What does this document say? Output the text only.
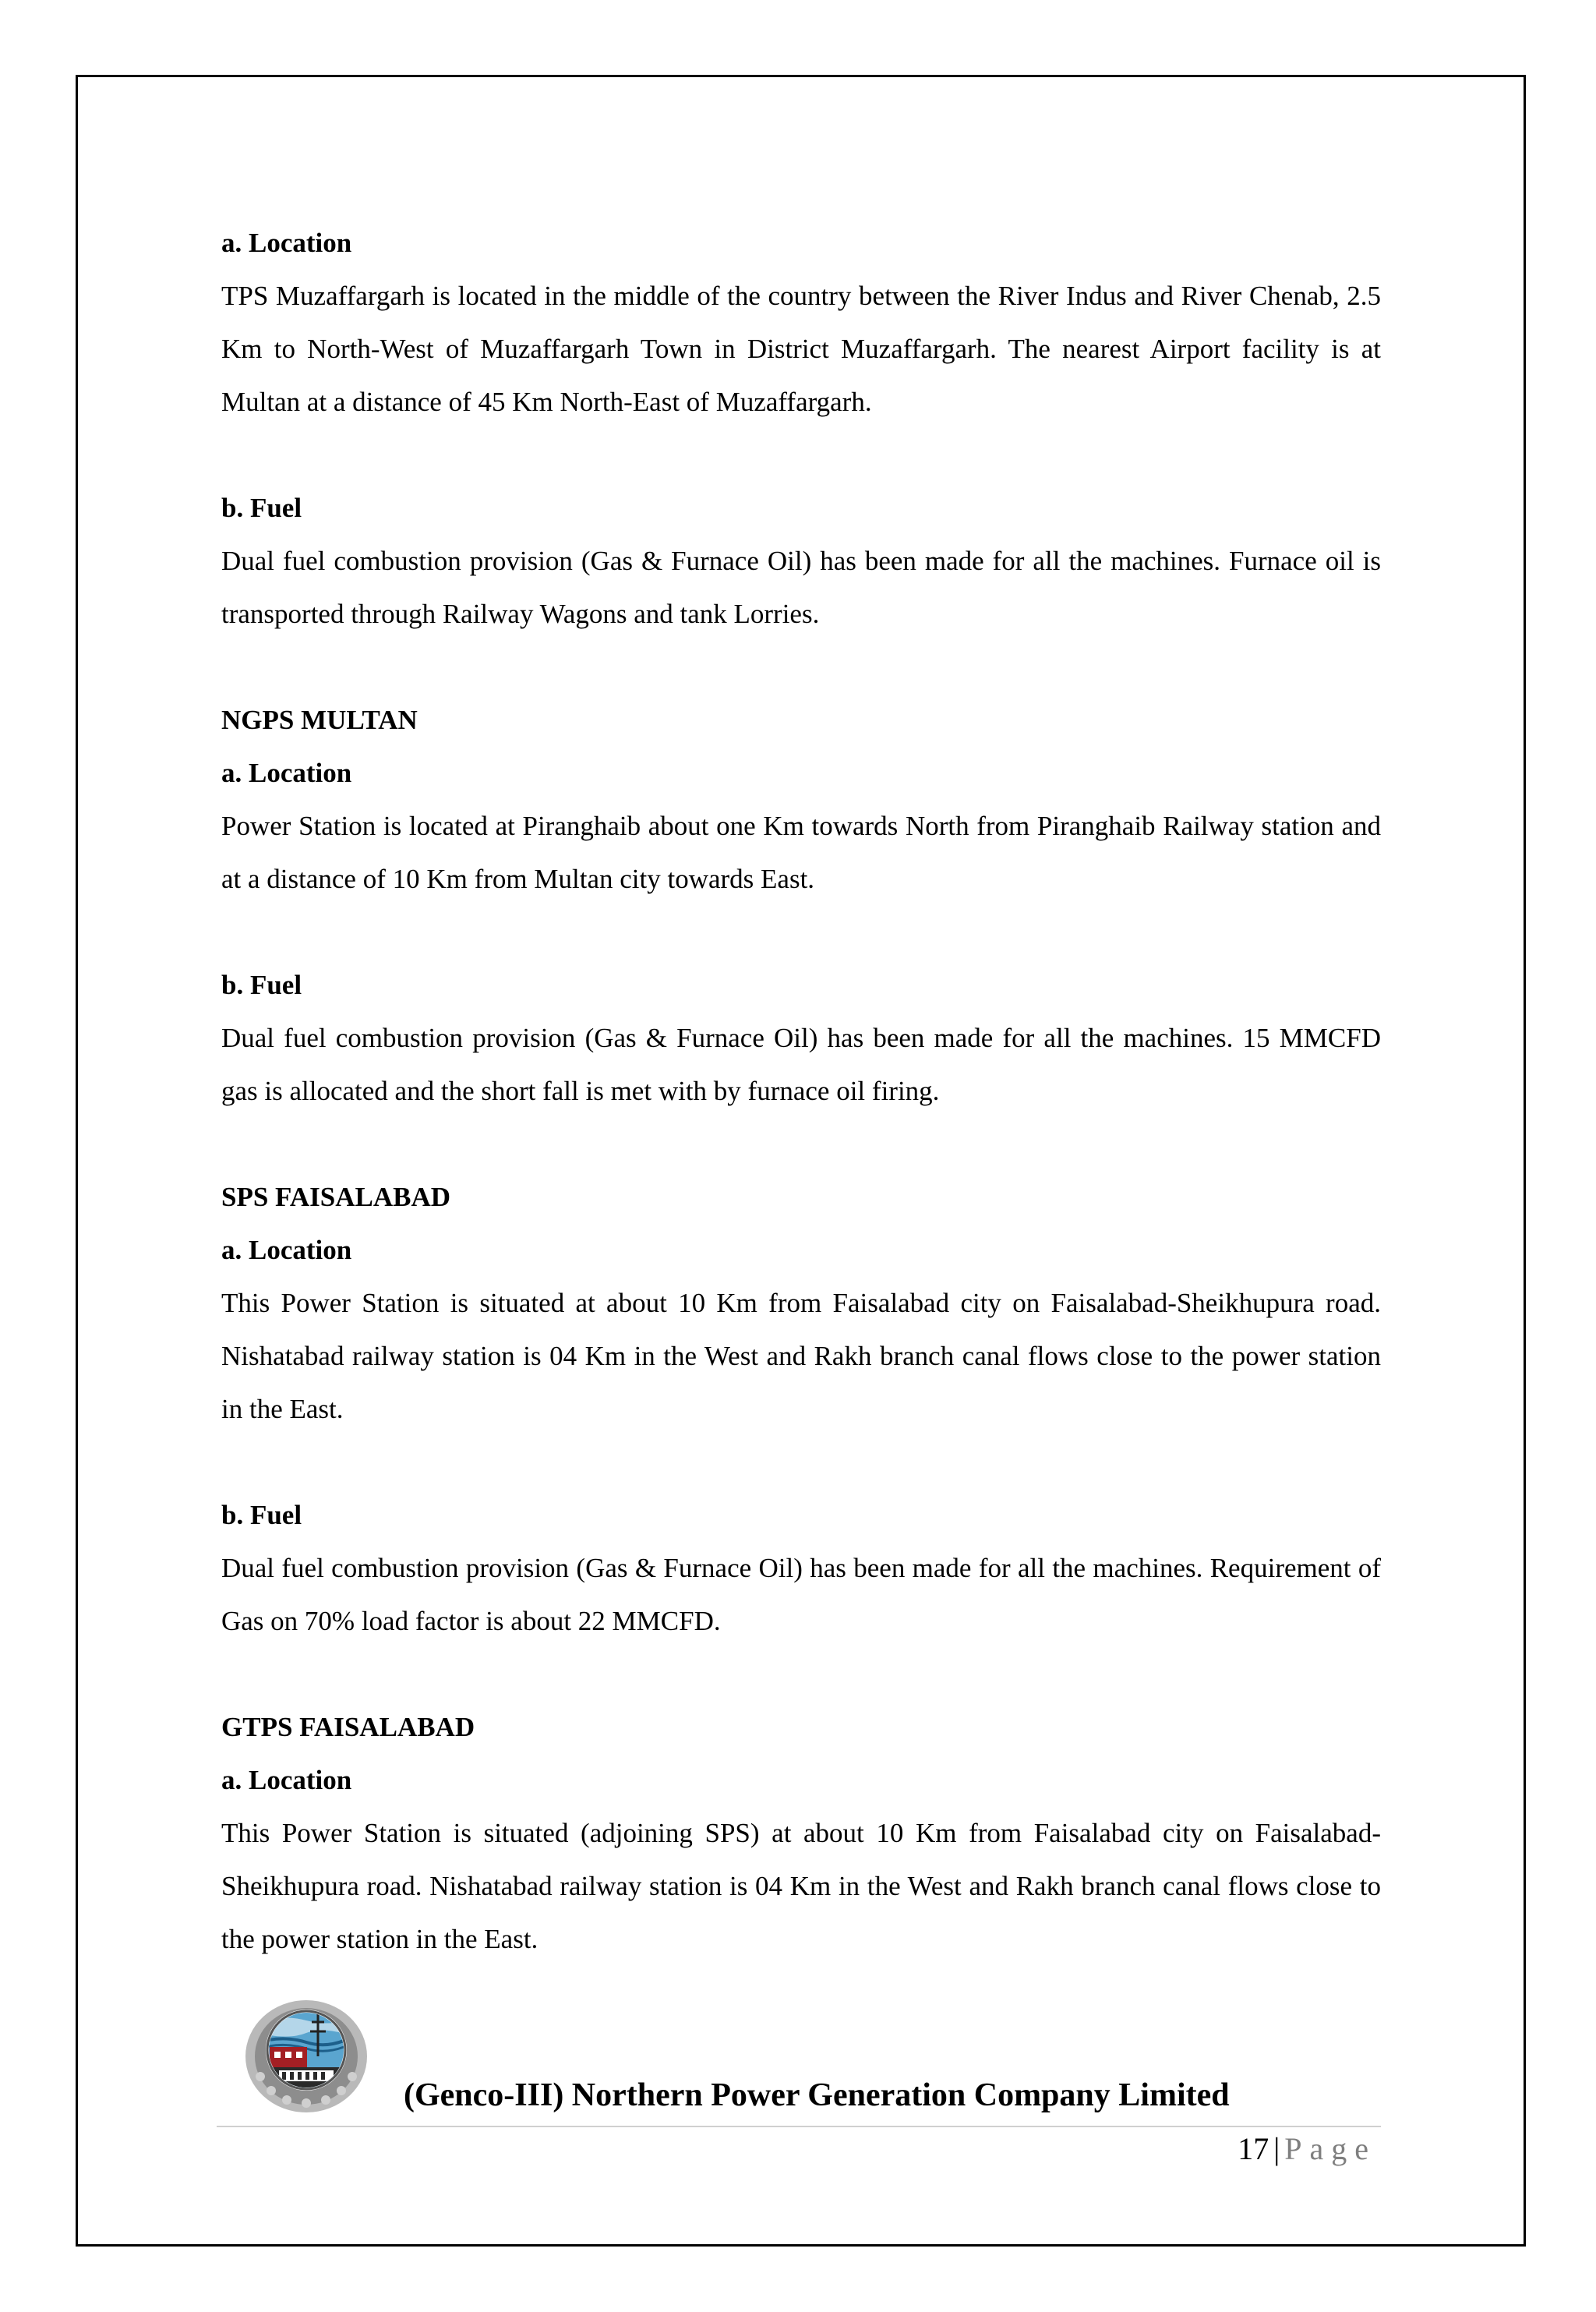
a. Location

TPS Muzaffargarh is located in the middle of the country between the River Indus and River Chenab, 2.5 Km to North-West of Muzaffargarh Town in District Muzaffargarh. The nearest Airport facility is at Multan at a distance of 45 Km North-East of Muzaffargarh.

b. Fuel

Dual fuel combustion provision (Gas & Furnace Oil) has been made for all the machines. Furnace oil is transported through Railway Wagons and tank Lorries.

NGPS MULTAN

a. Location

Power Station is located at Piranghaib about one Km towards North from Piranghaib Railway station and at a distance of 10 Km from Multan city towards East.

b. Fuel

Dual fuel combustion provision (Gas & Furnace Oil) has been made for all the machines. 15 MMCFD gas is allocated and the short fall is met with by furnace oil firing.

SPS FAISALABAD

a. Location

This Power Station is situated at about 10 Km from Faisalabad city on Faisalabad-Sheikhupura road. Nishatabad railway station is 04 Km in the West and Rakh branch canal flows close to the power station in the East.

b. Fuel

Dual fuel combustion provision (Gas & Furnace Oil) has been made for all the machines. Requirement of Gas on 70% load factor is about 22 MMCFD.

GTPS FAISALABAD

a. Location

This Power Station is situated (adjoining SPS) at about 10 Km from Faisalabad city on Faisalabad-Sheikhupura road. Nishatabad railway station is 04 Km in the West and Rakh branch canal flows close to the power station in the East.

(Genco-III) Northern Power Generation Company Limited
17 | Page
